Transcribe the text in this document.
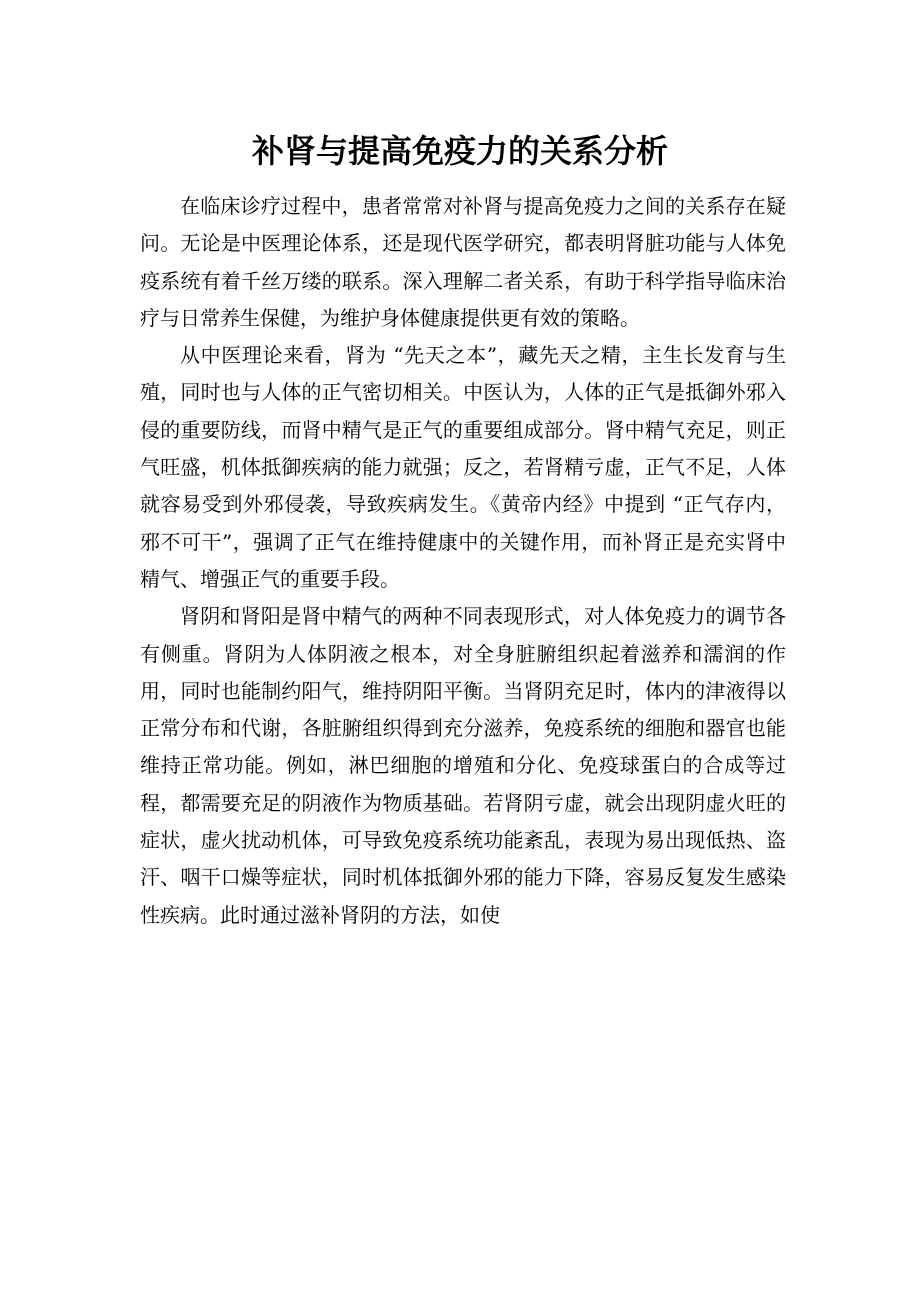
补肾与提高免疫力的关系分析

在临床诊疗过程中，患者常常对补肾与提高免疫力之间的关系存在疑问。无论是中医理论体系，还是现代医学研究，都表明肾脏功能与人体免疫系统有着千丝万缕的联系。深入理解二者关系，有助于科学指导临床治疗与日常养生保健，为维护身体健康提供更有效的策略。

从中医理论来看，肾为 “先天之本”，藏先天之精，主生长发育与生殖，同时也与人体的正气密切相关。中医认为，人体的正气是抵御外邪入侵的重要防线，而肾中精气是正气的重要组成部分。肾中精气充足，则正气旺盛，机体抵御疾病的能力就强；反之，若肾精亏虚，正气不足，人体就容易受到外邪侵袭，导致疾病发生。《黄帝内经》中提到 “正气存内，邪不可干”，强调了正气在维持健康中的关键作用，而补肾正是充实肾中精气、增强正气的重要手段。

肾阴和肾阳是肾中精气的两种不同表现形式，对人体免疫力的调节各有侧重。肾阴为人体阴液之根本，对全身脏腑组织起着滋养和濡润的作用，同时也能制约阳气，维持阴阳平衡。当肾阴充足时，体内的津液得以正常分布和代谢，各脏腑组织得到充分滋养，免疫系统的细胞和器官也能维持正常功能。例如，淋巴细胞的增殖和分化、免疫球蛋白的合成等过程，都需要充足的阴液作为物质基础。若肾阴亏虚，就会出现阴虚火旺的症状，虚火扰动机体，可导致免疫系统功能紊乱，表现为易出现低热、盗汗、咽干口燥等症状，同时机体抵御外邪的能力下降，容易反复发生感染性疾病。此时通过滋补肾阴的方法，如使
